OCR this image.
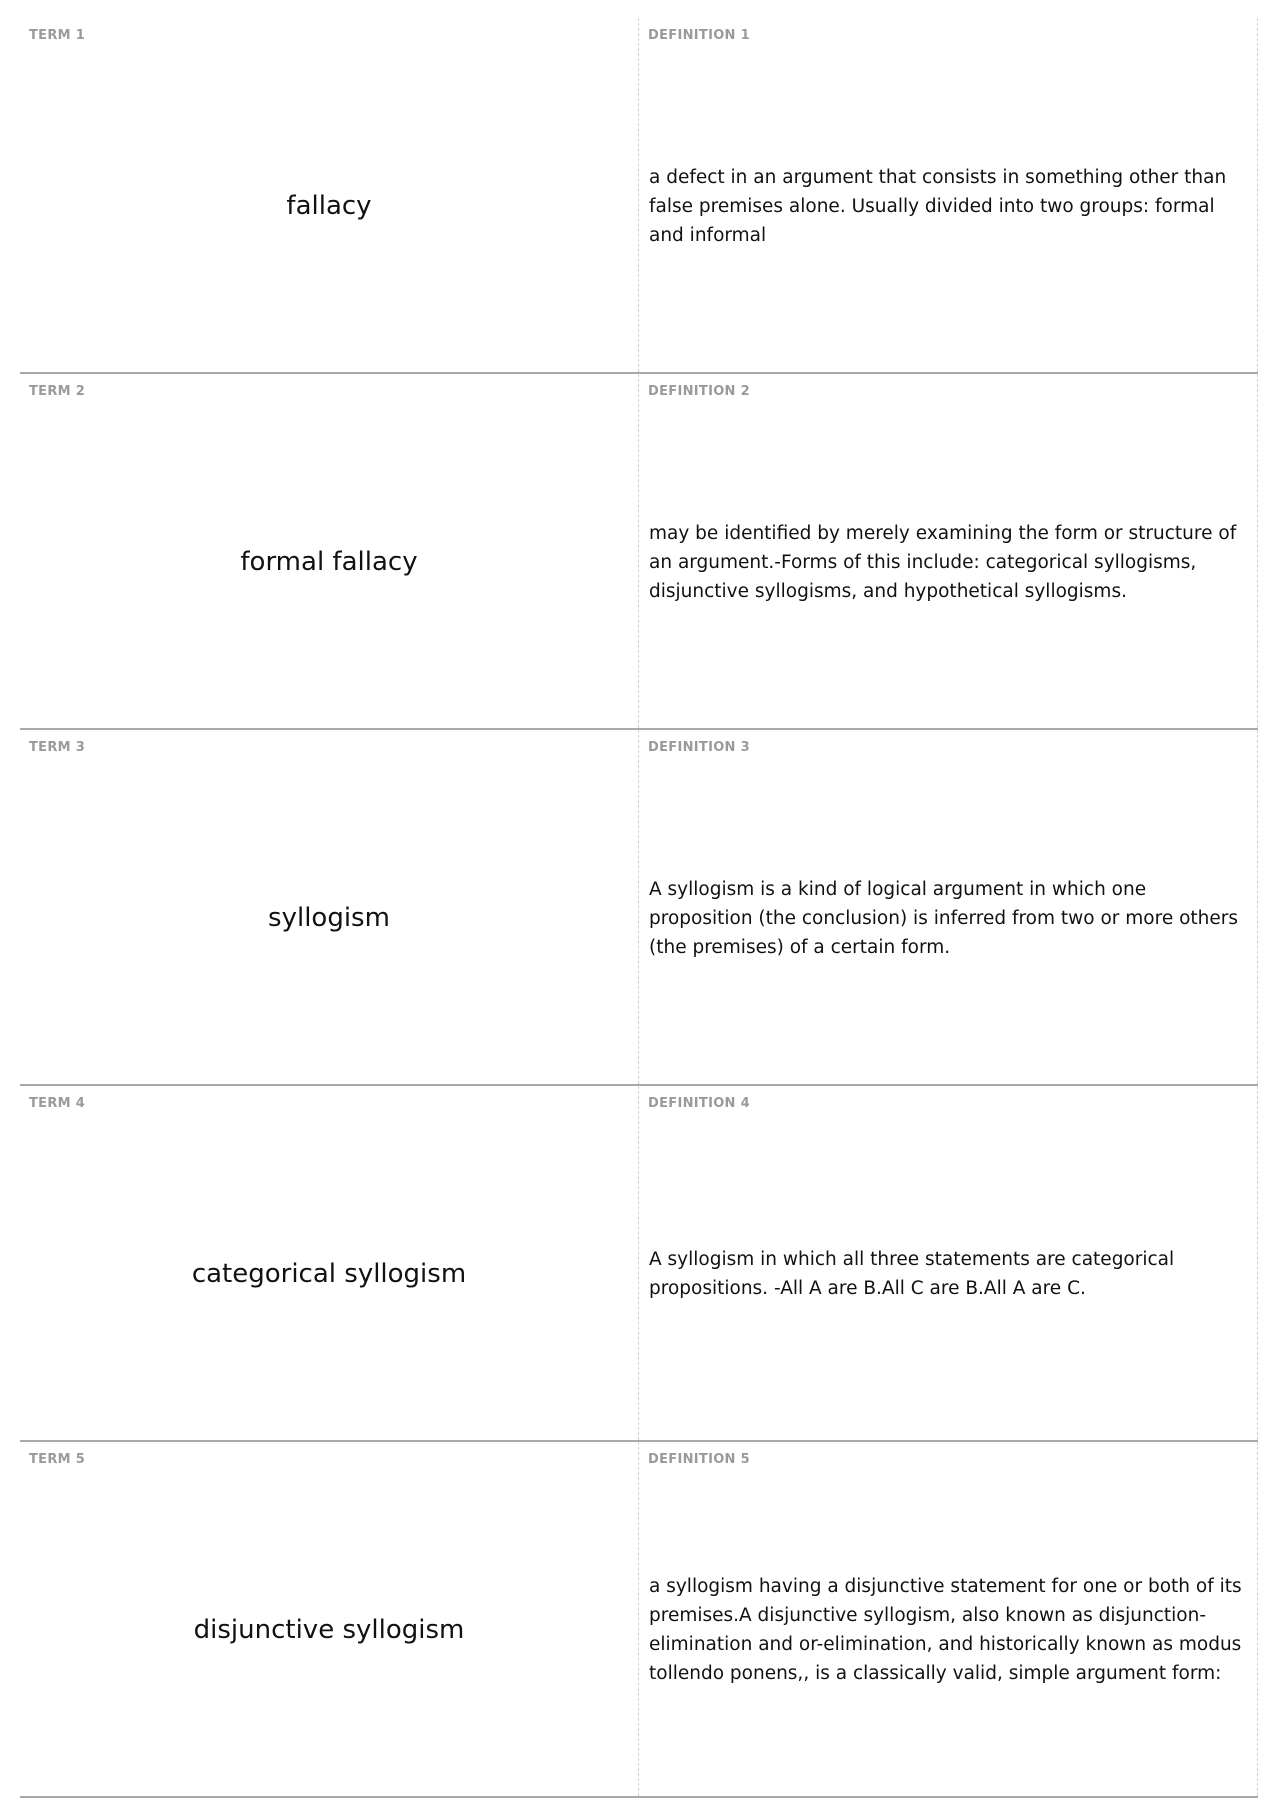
TERM 1
fallacy
DEFINITION 1
a defect in an argument that consists in something other than false premises alone. Usually divided into two groups: formal and informal
TERM 2
formal fallacy
DEFINITION 2
may be identified by merely examining the form or structure of an argument.-Forms of this include: categorical syllogisms, disjunctive syllogisms, and hypothetical syllogisms.
TERM 3
syllogism
DEFINITION 3
A syllogism is a kind of logical argument in which one proposition (the conclusion) is inferred from two or more others (the premises) of a certain form.
TERM 4
categorical syllogism
DEFINITION 4
A syllogism in which all three statements are categorical propositions. -All A are B.All C are B.All A are C.
TERM 5
disjunctive syllogism
DEFINITION 5
a syllogism having a disjunctive statement for one or both of its premises.A disjunctive syllogism, also known as disjunction-elimination and or-elimination, and historically known as modus tollendo ponens,, is a classically valid, simple argument form:
